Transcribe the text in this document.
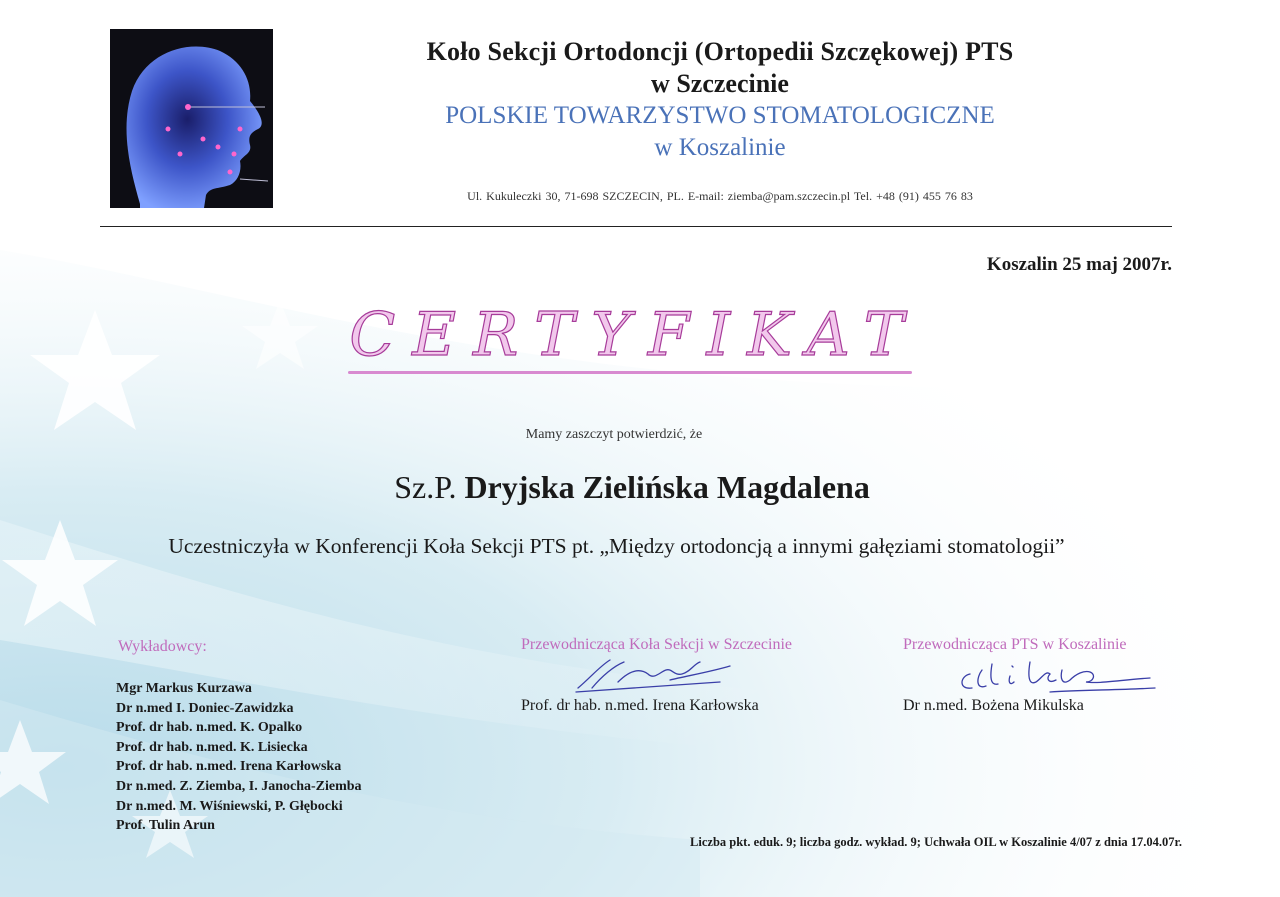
Koło Sekcji Ortodoncji (Ortopedii Szczękowej) PTS
w Szczecinie
POLSKIE TOWARZYSTWO STOMATOLOGICZNE
w Koszalinie
Ul. Kukuleczki 30, 71-698 SZCZECIN, PL. E-mail: ziemba@pam.szczecin.pl Tel. +48 (91) 455 76 83
Koszalin 25 maj 2007r.
CERTYFIKAT
Mamy zaszczyt potwierdzić, że
Sz.P. Dryjska Zielińska Magdalena
Uczestniczyła w Konferencji Koła Sekcji PTS pt. „Między ortodoncją a innymi gałęziami stomatologii”
Wykładowcy:
Mgr Markus Kurzawa
Dr n.med I. Doniec-Zawidzka
Prof. dr hab. n.med. K. Opalko
Prof. dr hab. n.med. K. Lisiecka
Prof. dr hab. n.med. Irena Karłowska
Dr n.med. Z. Ziemba, I. Janocha-Ziemba
Dr n.med. M. Wiśniewski, P. Głębocki
Prof. Tulin Arun
Przewodnicząca Koła Sekcji w Szczecinie
Prof. dr hab. n.med. Irena Karłowska
Przewodnicząca PTS w Koszalinie
Dr n.med. Bożena Mikulska
Liczba pkt. eduk. 9; liczba godz. wykład. 9; Uchwała OIL w Koszalinie 4/07 z dnia 17.04.07r.
